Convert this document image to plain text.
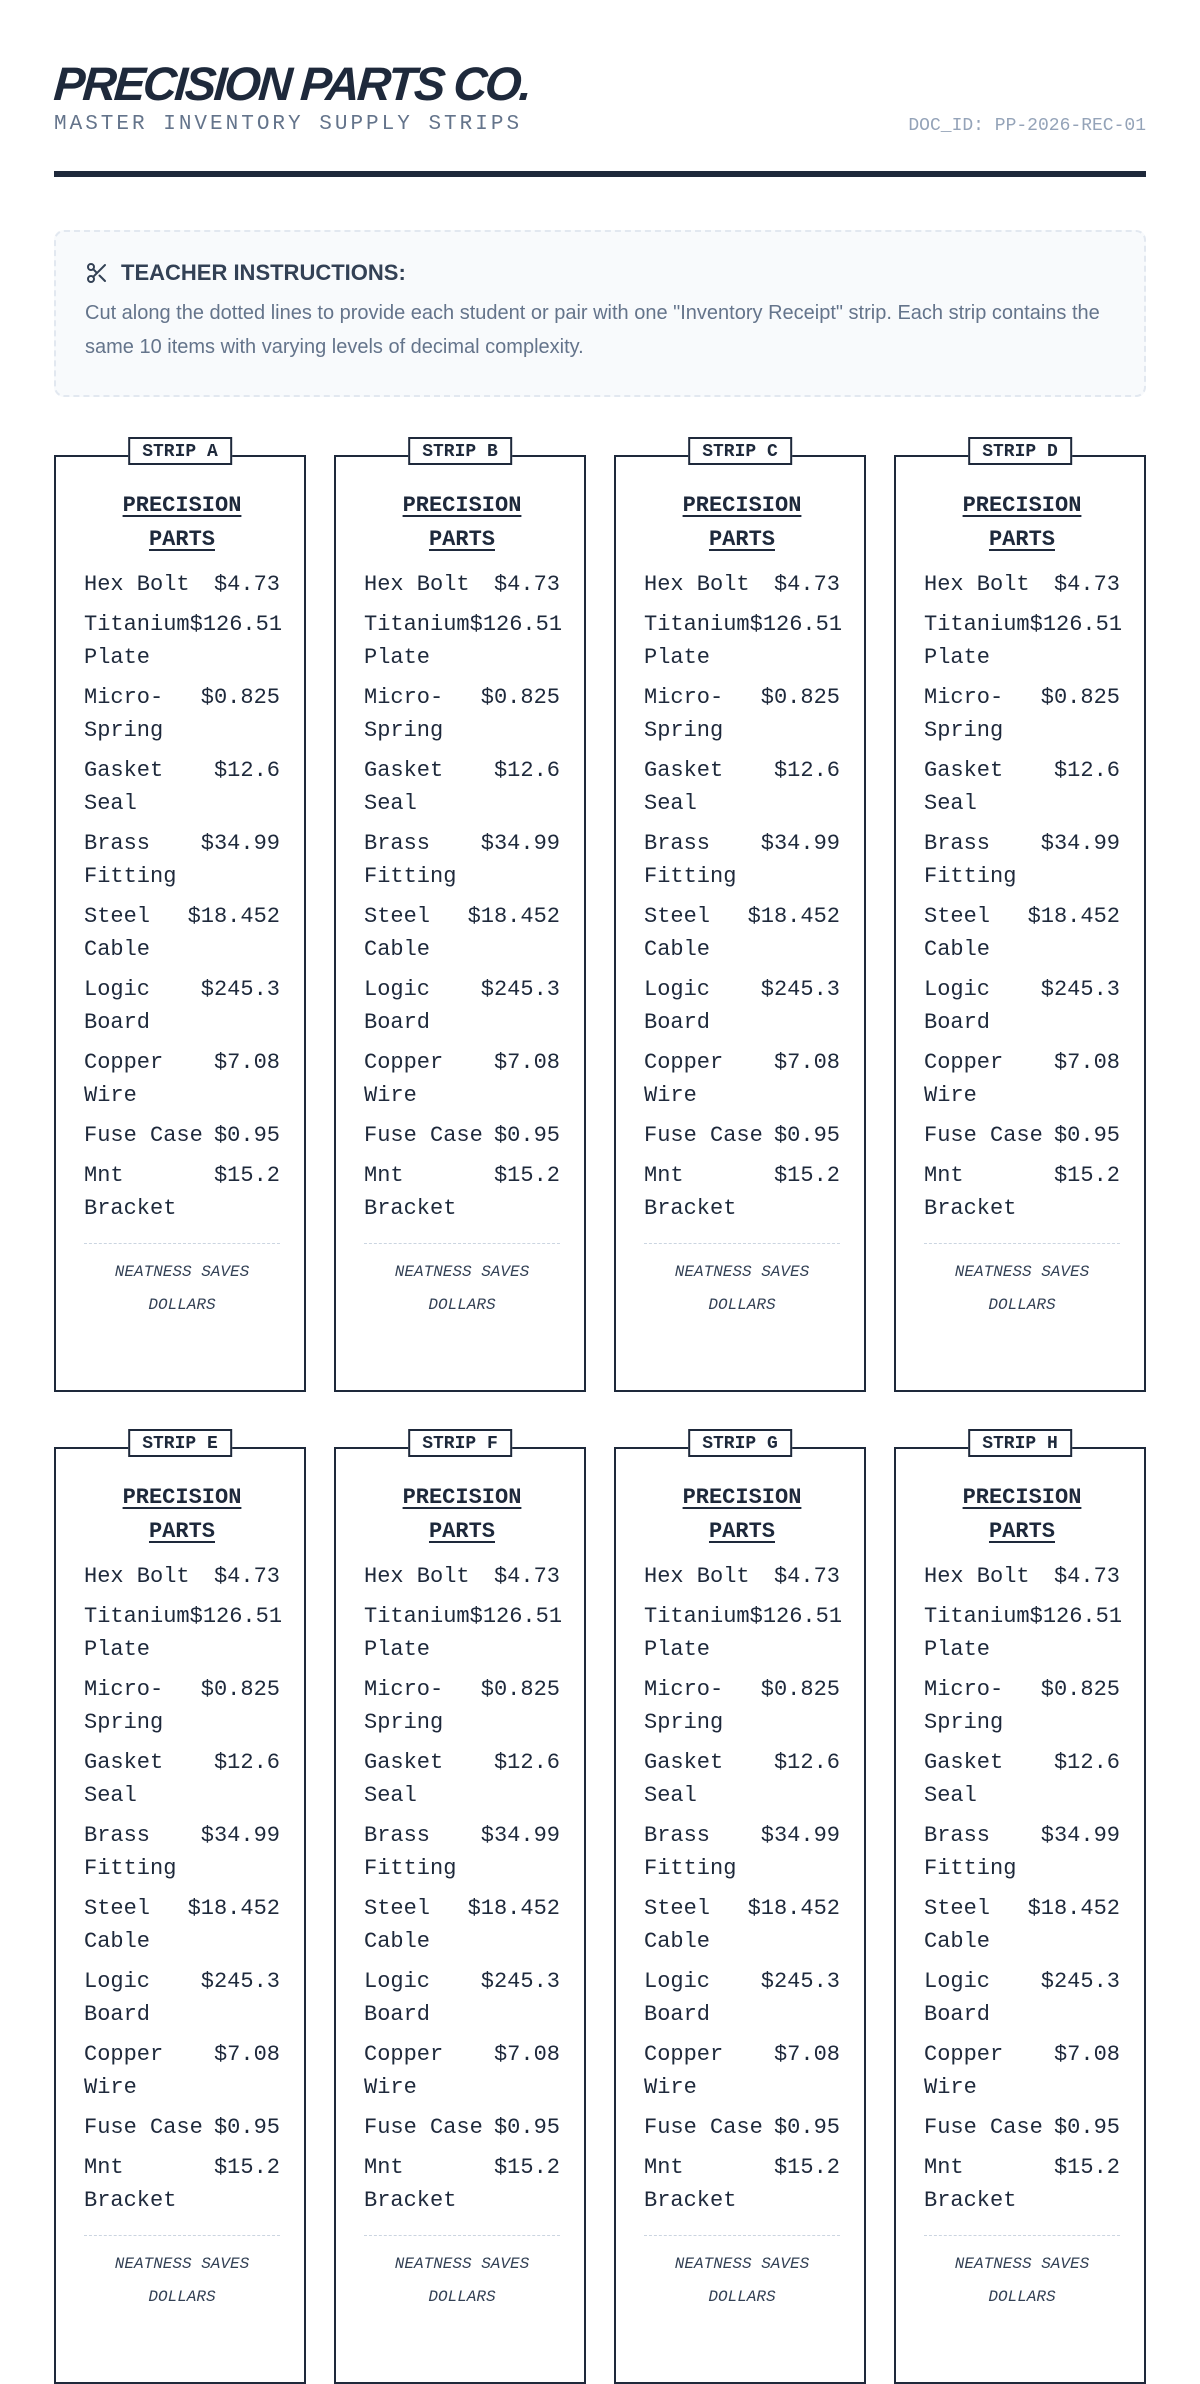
PRECISION PARTS CO.
MASTER INVENTORY SUPPLY STRIPS	DOC_ID: PP-2026-REC-01
TEACHER INSTRUCTIONS:
Cut along the dotted lines to provide each student or pair with one "Inventory Receipt" strip. Each strip contains the same 10 items with varying levels of decimal complexity.
STRIP A
PRECISION PARTS
Hex Bolt $4.73
Titanium Plate
$126.51
Micro-Spring
$0.825
Gasket Seal
$12.6
Brass Fitting
$34.99
Steel Cable
$18.452
Logic Board
$245.3
Copper Wire
$7.08
Fuse Case $0.95
Mnt Bracket
$15.2
NEATNESS SAVES DOLLARS
STRIP B
PRECISION PARTS
Hex Bolt $4.73
Titanium Plate
$126.51
Micro-Spring
$0.825
Gasket Seal
$12.6
Brass Fitting
$34.99
Steel Cable
$18.452
Logic Board
$245.3
Copper Wire
$7.08
Fuse Case $0.95
Mnt Bracket
$15.2
NEATNESS SAVES DOLLARS
STRIP C
PRECISION PARTS
Hex Bolt $4.73
Titanium Plate
$126.51
Micro-Spring
$0.825
Gasket Seal
$12.6
Brass Fitting
$34.99
Steel Cable
$18.452
Logic Board
$245.3
Copper Wire
$7.08
Fuse Case $0.95
Mnt Bracket
$15.2
NEATNESS SAVES DOLLARS
STRIP D
PRECISION PARTS
Hex Bolt $4.73
Titanium Plate
$126.51
Micro-Spring
$0.825
Gasket Seal
$12.6
Brass Fitting
$34.99
Steel Cable
$18.452
Logic Board
$245.3
Copper Wire
$7.08
Fuse Case $0.95
Mnt Bracket
$15.2
NEATNESS SAVES DOLLARS
STRIP E
PRECISION PARTS
Hex Bolt $4.73
Titanium Plate
$126.51
Micro-Spring
$0.825
Gasket Seal
$12.6
Brass Fitting
$34.99
Steel Cable
$18.452
Logic Board
$245.3
Copper Wire
$7.08
Fuse Case $0.95
Mnt Bracket
$15.2
NEATNESS SAVES DOLLARS
STRIP F
PRECISION PARTS
Hex Bolt $4.73
Titanium Plate
$126.51
Micro-Spring
$0.825
Gasket Seal
$12.6
Brass Fitting
$34.99
Steel Cable
$18.452
Logic Board
$245.3
Copper Wire
$7.08
Fuse Case $0.95
Mnt Bracket
$15.2
NEATNESS SAVES DOLLARS
STRIP G
PRECISION PARTS
Hex Bolt $4.73
Titanium Plate
$126.51
Micro-Spring
$0.825
Gasket Seal
$12.6
Brass Fitting
$34.99
Steel Cable
$18.452
Logic Board
$245.3
Copper Wire
$7.08
Fuse Case $0.95
Mnt Bracket
$15.2
NEATNESS SAVES DOLLARS
STRIP H
PRECISION PARTS
Hex Bolt $4.73
Titanium Plate
$126.51
Micro-Spring
$0.825
Gasket Seal
$12.6
Brass Fitting
$34.99
Steel Cable
$18.452
Logic Board
$245.3
Copper Wire
$7.08
Fuse Case $0.95
Mnt Bracket
$15.2
NEATNESS SAVES DOLLARS
